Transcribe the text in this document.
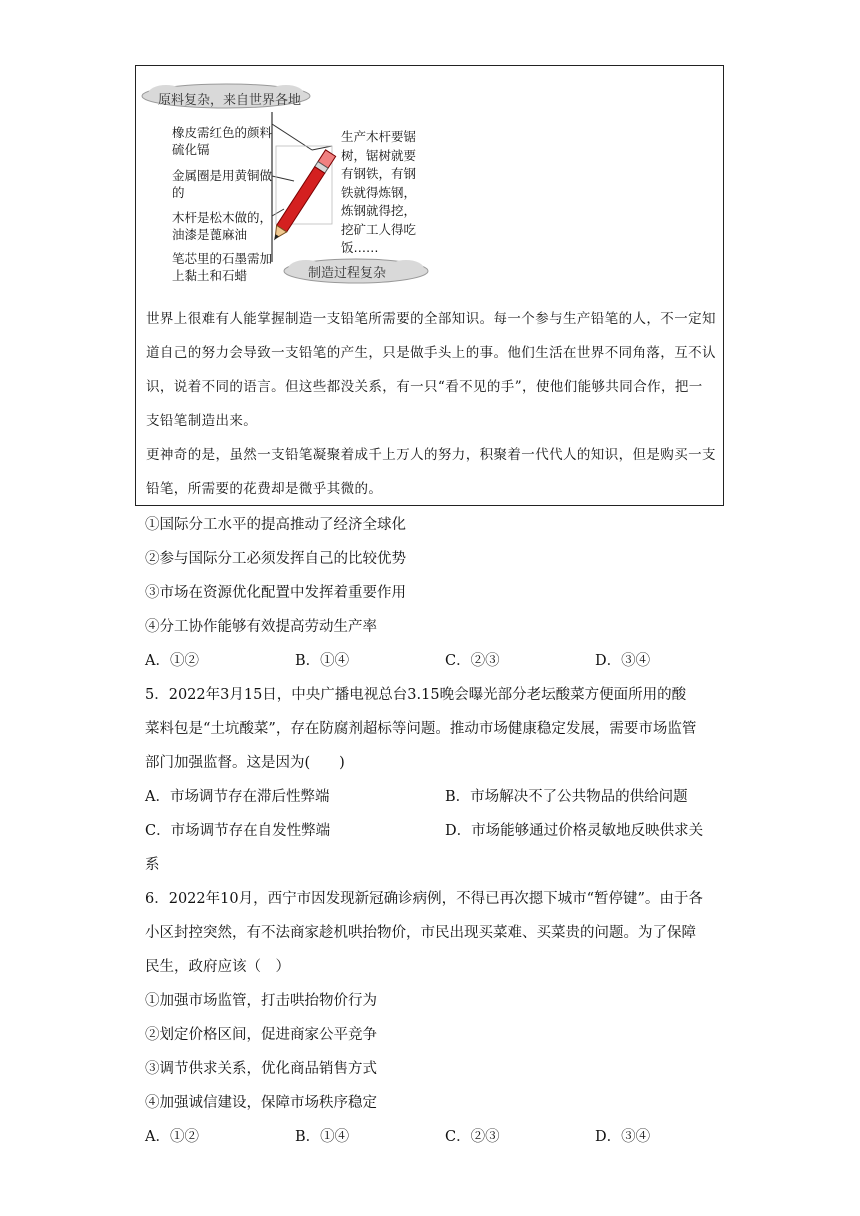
原料复杂，来自世界各地
制造过程复杂
橡皮需红色的颜料硫化镉
金属圈是用黄铜做的
木杆是松木做的，油漆是蓖麻油
笔芯里的石墨需加上黏土和石蜡
生产木杆要锯树，锯树就要有钢铁，有钢铁就得炼钢，炼钢就得挖，挖矿工人得吃饭……

世界上很难有人能掌握制造一支铅笔所需要的全部知识。每一个参与生产铅笔的人，不一定知道自己的努力会导致一支铅笔的产生，只是做手头上的事。他们生活在世界不同角落，互不认识，说着不同的语言。但这些都没关系，有一只“看不见的手”，使他们能够共同合作，把一支铅笔制造出来。

更神奇的是，虽然一支铅笔凝聚着成千上万人的努力，积聚着一代代人的知识，但是购买一支铅笔，所需要的花费却是微乎其微的。

①国际分工水平的提高推动了经济全球化
②参与国际分工必须发挥自己的比较优势
③市场在资源优化配置中发挥着重要作用
④分工协作能够有效提高劳动生产率
A．①②	B．①④	C．②③	D．③④
5．2022年3月15日，中央广播电视总台3.15晚会曝光部分老坛酸菜方便面所用的酸
菜料包是“土坑酸菜”，存在防腐剂超标等问题。推动市场健康稳定发展，需要市场监管
部门加强监督。这是因为(　　)
A．市场调节存在滞后性弊端	B．市场解决不了公共物品的供给问题
C．市场调节存在自发性弊端	D．市场能够通过价格灵敏地反映供求关
系
6．2022年10月，西宁市因发现新冠确诊病例，不得已再次摁下城市“暂停键”。由于各
小区封控突然，有不法商家趁机哄抬物价，市民出现买菜难、买菜贵的问题。为了保障
民生，政府应该（　）
①加强市场监管，打击哄抬物价行为
②划定价格区间，促进商家公平竞争
③调节供求关系，优化商品销售方式
④加强诚信建设，保障市场秩序稳定
A．①②	B．①④	C．②③	D．③④
